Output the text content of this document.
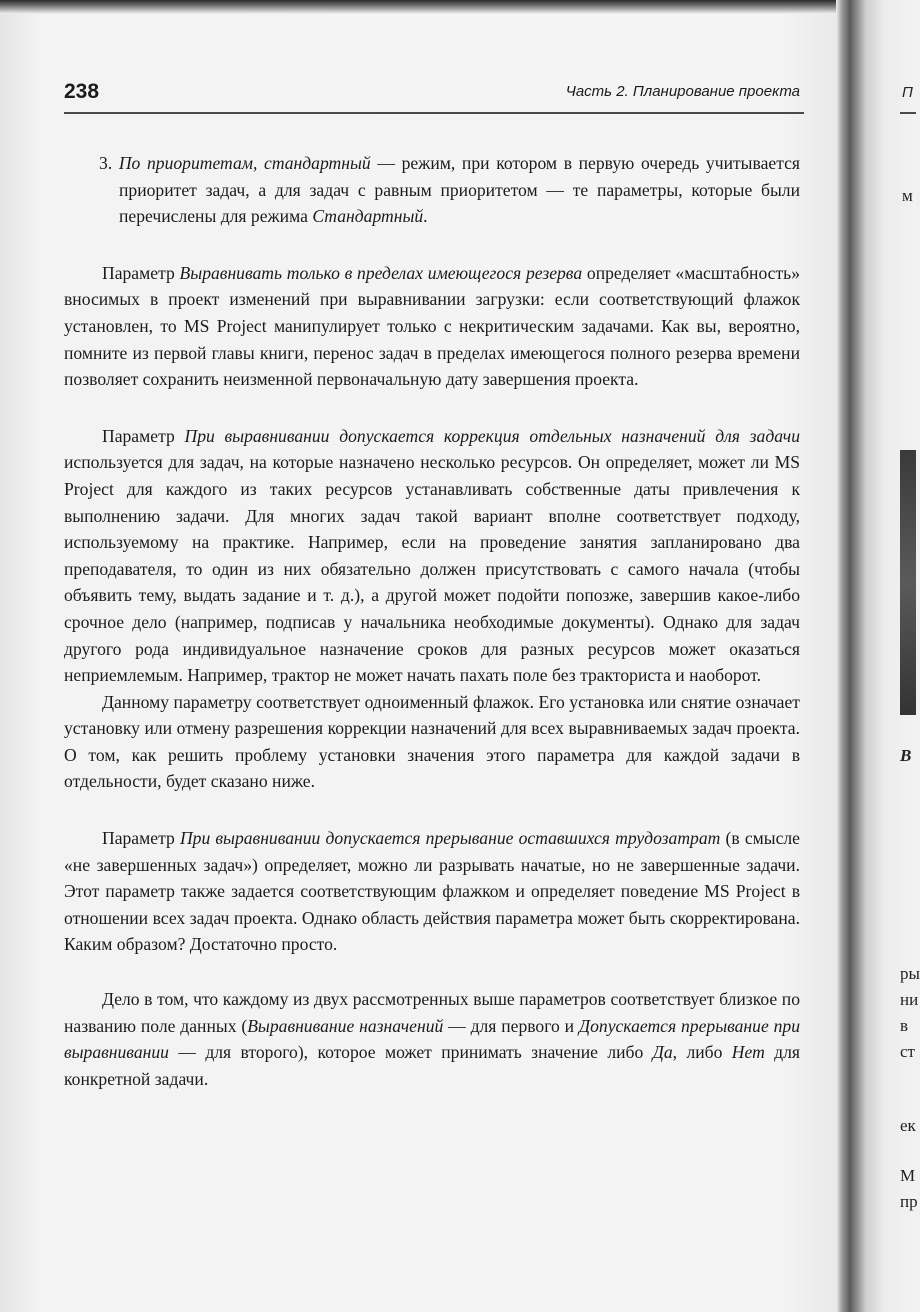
238	Часть 2. Планирование проекта

3. По приоритетам, стандартный — режим, при котором в первую очередь учитывается приоритет задач, а для задач с равным приоритетом — те параметры, которые были перечислены для режима Стандартный.

Параметр Выравнивать только в пределах имеющегося резерва определяет «масштабность» вносимых в проект изменений при выравнивании загрузки: если соответствующий флажок установлен, то MS Project манипулирует только с некритическим задачами. Как вы, вероятно, помните из первой главы книги, перенос задач в пределах имеющегося полного резерва времени позволяет сохранить неизменной первоначальную дату завершения проекта.

Параметр При выравнивании допускается коррекция отдельных назначений для задачи используется для задач, на которые назначено несколько ресурсов. Он определяет, может ли MS Project для каждого из таких ресурсов устанавливать собственные даты привлечения к выполнению задачи. Для многих задач такой вариант вполне соответствует подходу, используемому на практике. Например, если на проведение занятия запланировано два преподавателя, то один из них обязательно должен присутствовать с самого начала (чтобы объявить тему, выдать задание и т. д.), а другой может подойти попозже, завершив какое-либо срочное дело (например, подписав у начальника необходимые документы). Однако для задач другого рода индивидуальное назначение сроков для разных ресурсов может оказаться неприемлемым. Например, трактор не может начать пахать поле без тракториста и наоборот.

Данному параметру соответствует одноименный флажок. Его установка или снятие означает установку или отмену разрешения коррекции назначений для всех выравниваемых задач проекта. О том, как решить проблему установки значения этого параметра для каждой задачи в отдельности, будет сказано ниже.

Параметр При выравнивании допускается прерывание оставшихся трудозатрат (в смысле «не завершенных задач») определяет, можно ли разрывать начатые, но не завершенные задачи. Этот параметр также задается соответствующим флажком и определяет поведение MS Project в отношении всех задач проекта. Однако область действия параметра может быть скорректирована. Каким образом? Достаточно просто.

Дело в том, что каждому из двух рассмотренных выше параметров соответствует близкое по названию поле данных (Выравнивание назначений — для первого и Допускается прерывание при выравнивании — для второго), которое может принимать значение либо Да, либо Нет для конкретной задачи.

П
м
В
ры
ни
в
ст
ек
М
пр
